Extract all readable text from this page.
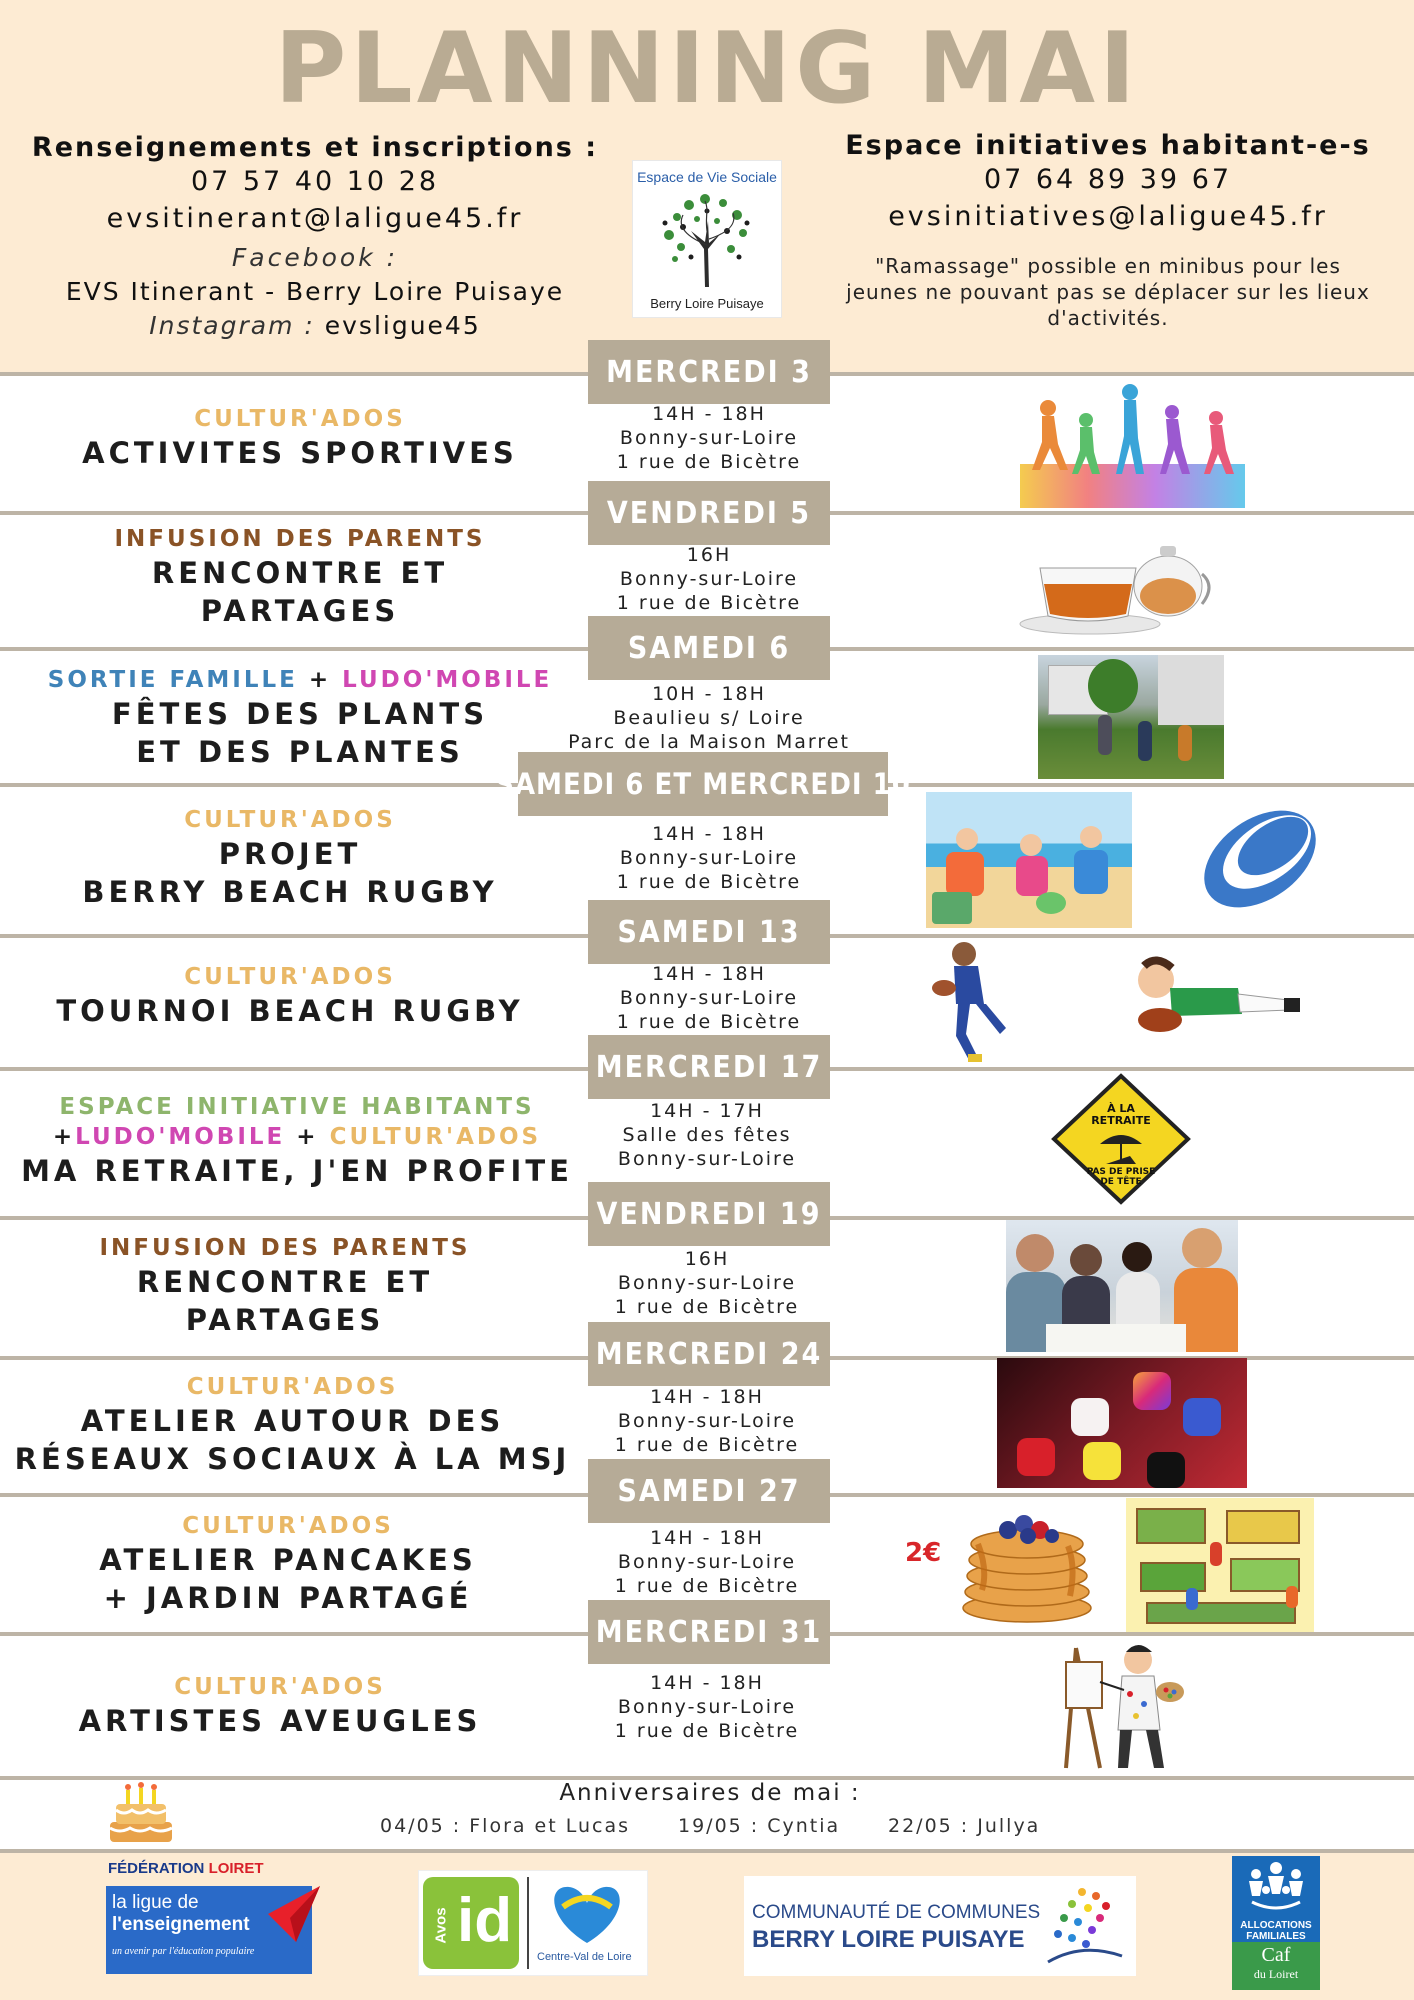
PLANNING MAI
Renseignements et inscriptions :
07 57 40 10 28
evsitinerant@laligue45.fr
Facebook :
EVS Itinerant - Berry Loire Puisaye
Instagram : evsligue45
Espace de Vie Sociale
Berry Loire Puisaye
Espace initiatives habitant-e-s
07 64 89 39 67
evsinitiatives@laligue45.fr
"Ramassage" possible en minibus pour les jeunes ne pouvant pas se déplacer sur les lieux d'activités.
MERCREDI 3
VENDREDI 5
SAMEDI 6
SAMEDI 6 ET MERCREDI 10
SAMEDI 13
MERCREDI 17
VENDREDI 19
MERCREDI 24
SAMEDI 27
MERCREDI 31
CULTUR'ADOS
ACTIVITES SPORTIVES
INFUSION DES PARENTS
RENCONTRE ET
PARTAGES
SORTIE FAMILLE + LUDO'MOBILE
FÊTES DES PLANTS
ET DES PLANTES
CULTUR'ADOS
PROJET
BERRY BEACH RUGBY
CULTUR'ADOS
TOURNOI BEACH RUGBY
ESPACE INITIATIVE HABITANTS
+LUDO'MOBILE + CULTUR'ADOS
MA RETRAITE, J'EN PROFITE
INFUSION DES PARENTS
RENCONTRE ET
PARTAGES
CULTUR'ADOS
ATELIER AUTOUR DES
RÉSEAUX SOCIAUX À LA MSJ
CULTUR'ADOS
ATELIER PANCAKES
+ JARDIN PARTAGÉ
CULTUR'ADOS
ARTISTES AVEUGLES
14H - 18H
Bonny-sur-Loire
1 rue de Bicètre
16H
Bonny-sur-Loire
1 rue de Bicètre
10H - 18H
Beaulieu s/ Loire
Parc de la Maison Marret
14H - 18H
Bonny-sur-Loire
1 rue de Bicètre
14H - 18H
Bonny-sur-Loire
1 rue de Bicètre
14H - 17H
Salle des fêtes
Bonny-sur-Loire
16H
Bonny-sur-Loire
1 rue de Bicètre
14H - 18H
Bonny-sur-Loire
1 rue de Bicètre
14H - 18H
Bonny-sur-Loire
1 rue de Bicètre
14H - 18H
Bonny-sur-Loire
1 rue de Bicètre
À LA
RETRAITE
PAS DE PRISE
DE TÊTE
2€
Anniversaires de mai :
04/05 : Flora et Lucas	19/05 : Cyntia	22/05 : Jullya
FÉDÉRATION LOIRET
la ligue de
l'enseignement
un avenir par l'éducation populaire
Avos id
Centre-Val de Loire
COMMUNAUTÉ DE COMMUNES
BERRY LOIRE PUISAYE
ALLOCATIONS
FAMILIALES
Caf
du Loiret
